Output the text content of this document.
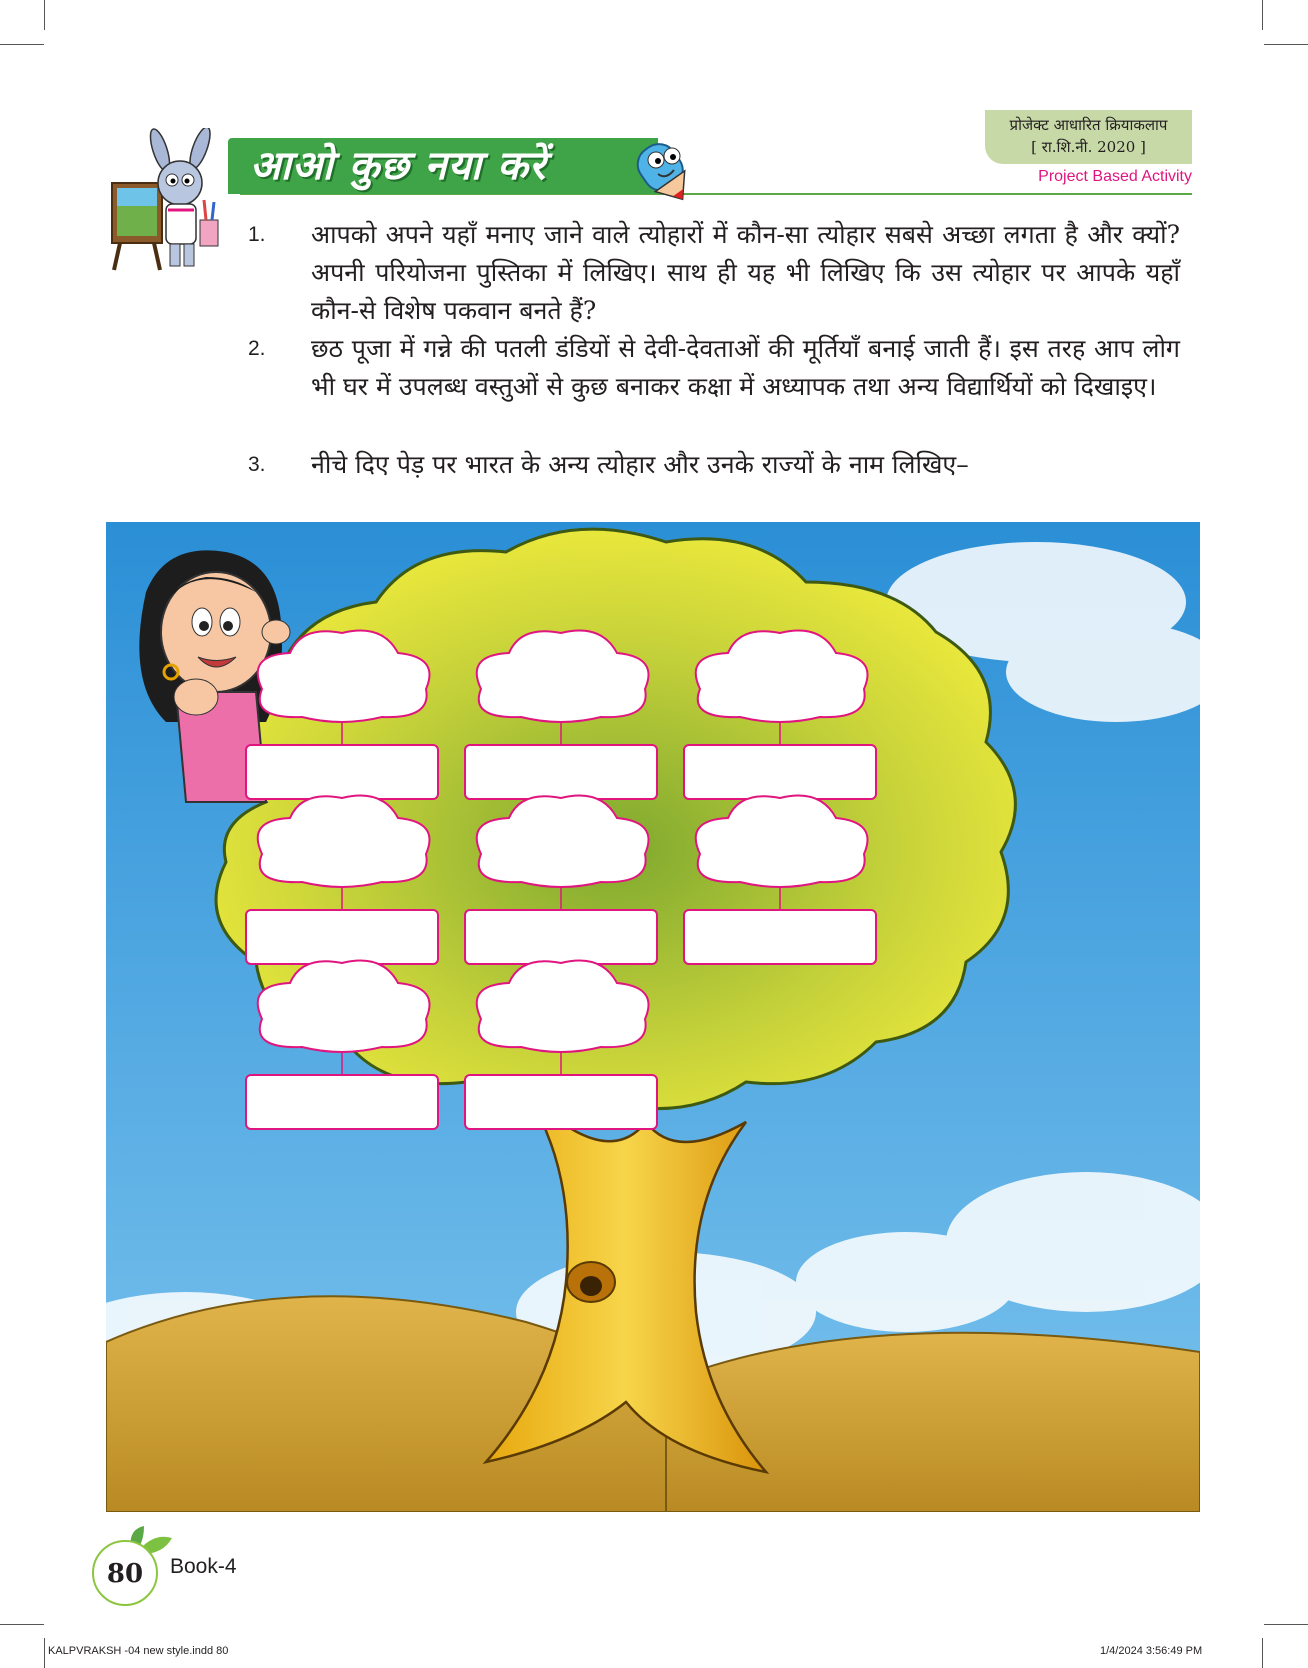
प्रोजेक्ट आधारित क्रियाकलाप
[ रा.शि.नी. 2020 ]
Project Based Activity
आओ कुछ नया करें
1. आपको अपने यहाँ मनाए जाने वाले त्योहारों में कौन-सा त्योहार सबसे अच्छा लगता है और क्यों? अपनी परियोजना पुस्तिका में लिखिए। साथ ही यह भी लिखिए कि उस त्योहार पर आपके यहाँ कौन-से विशेष पकवान बनते हैं?
2. छठ पूजा में गन्ने की पतली डंडियों से देवी-देवताओं की मूर्तियाँ बनाई जाती हैं। इस तरह आप लोग भी घर में उपलब्ध वस्तुओं से कुछ बनाकर कक्षा में अध्यापक तथा अन्य विद्यार्थियों को दिखाइए।
3. नीचे दिए पेड़ पर भारत के अन्य त्योहार और उनके राज्यों के नाम लिखिए–
80	Book-4
KALPVRAKSH -04 new style.indd 80	1/4/2024 3:56:49 PM
